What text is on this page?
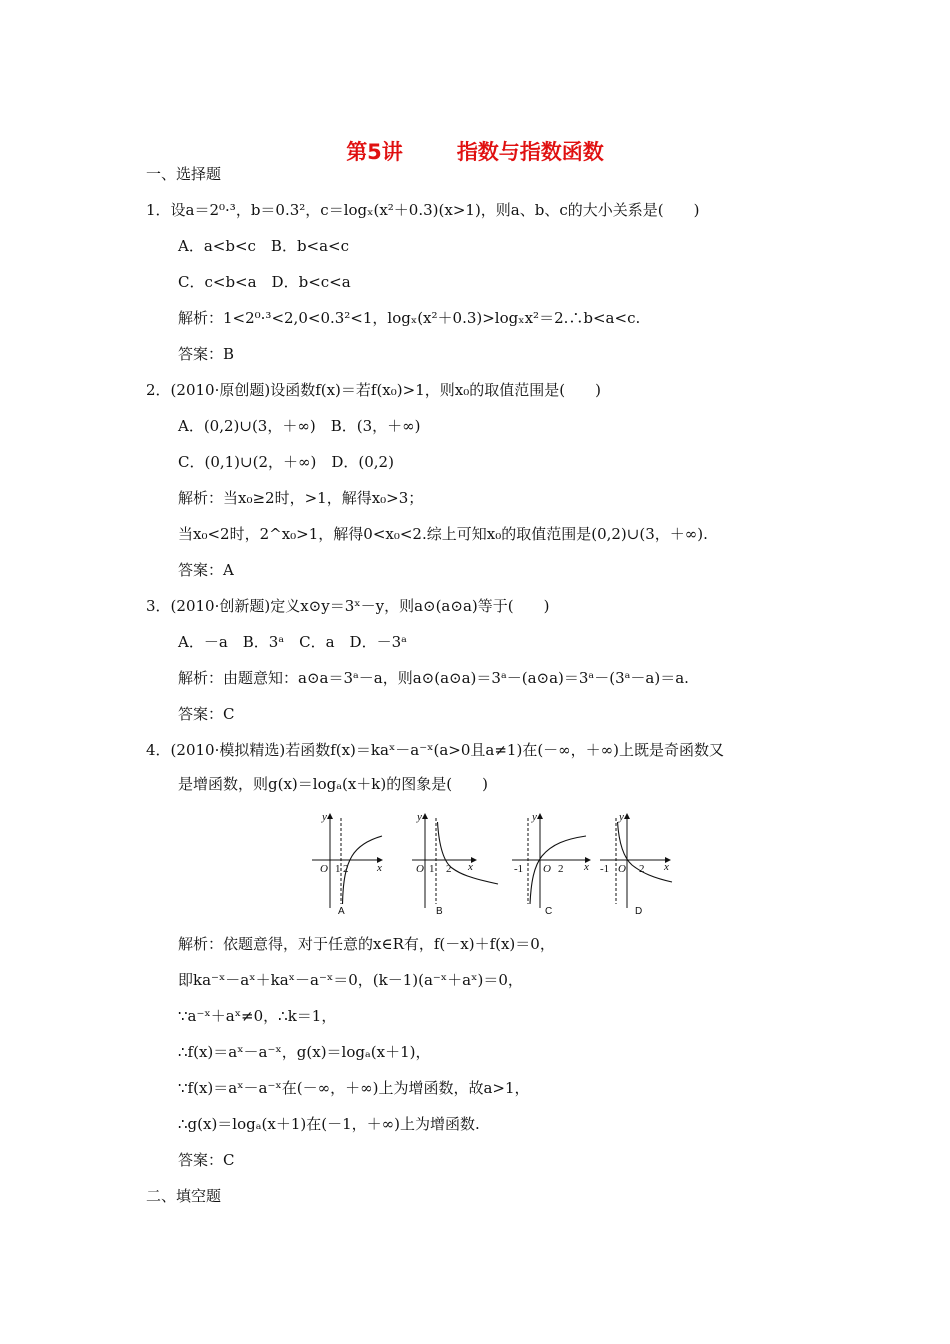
第5讲	指数与指数函数
一、选择题
1．设a＝2⁰·³，b＝0.3²，c＝logₓ(x²＋0.3)(x>1)，则a、b、c的大小关系是(　　)
A．a<b<c　B．b<a<c
C．c<b<a　D．b<c<a
解析：1<2⁰·³<2,0<0.3²<1，logₓ(x²＋0.3)>logₓx²＝2.∴b<a<c.
答案：B
2．(2010·原创题)设函数f(x)＝若f(x₀)>1，则x₀的取值范围是(　　)
A．(0,2)∪(3，＋∞)　B．(3，＋∞)
C．(0,1)∪(2，＋∞)　D．(0,2)
解析：当x₀≥2时，>1，解得x₀>3；
当x₀<2时，2^x₀>1，解得0<x₀<2.综上可知x₀的取值范围是(0,2)∪(3，＋∞).
答案：A
3．(2010·创新题)定义x⊙y＝3ˣ－y，则a⊙(a⊙a)等于(　　)
A．－a　B．3ᵃ　C．a　D．－3ᵃ
解析：由题意知：a⊙a＝3ᵃ－a，则a⊙(a⊙a)＝3ᵃ－(a⊙a)＝3ᵃ－(3ᵃ－a)＝a.
答案：C
4．(2010·模拟精选)若函数f(x)＝kaˣ－a⁻ˣ(a>0且a≠1)在(－∞，＋∞)上既是奇函数又
是增函数，则g(x)＝logₐ(x＋k)的图象是(　　)
y
x
O 1 2
A
y
x
O 1 2
B
y
x
O
-1	2
C
y
x
O
-1	2
D
解析：依题意得，对于任意的x∈R有，f(－x)＋f(x)＝0，
即ka⁻ˣ－aˣ＋kaˣ－a⁻ˣ＝0，(k－1)(a⁻ˣ＋aˣ)＝0，
∵a⁻ˣ＋aˣ≠0，∴k＝1，
∴f(x)＝aˣ－a⁻ˣ，g(x)＝logₐ(x＋1)，
∵f(x)＝aˣ－a⁻ˣ在(－∞，＋∞)上为增函数，故a>1，
∴g(x)＝logₐ(x＋1)在(－1，＋∞)上为增函数.
答案：C
二、填空题
